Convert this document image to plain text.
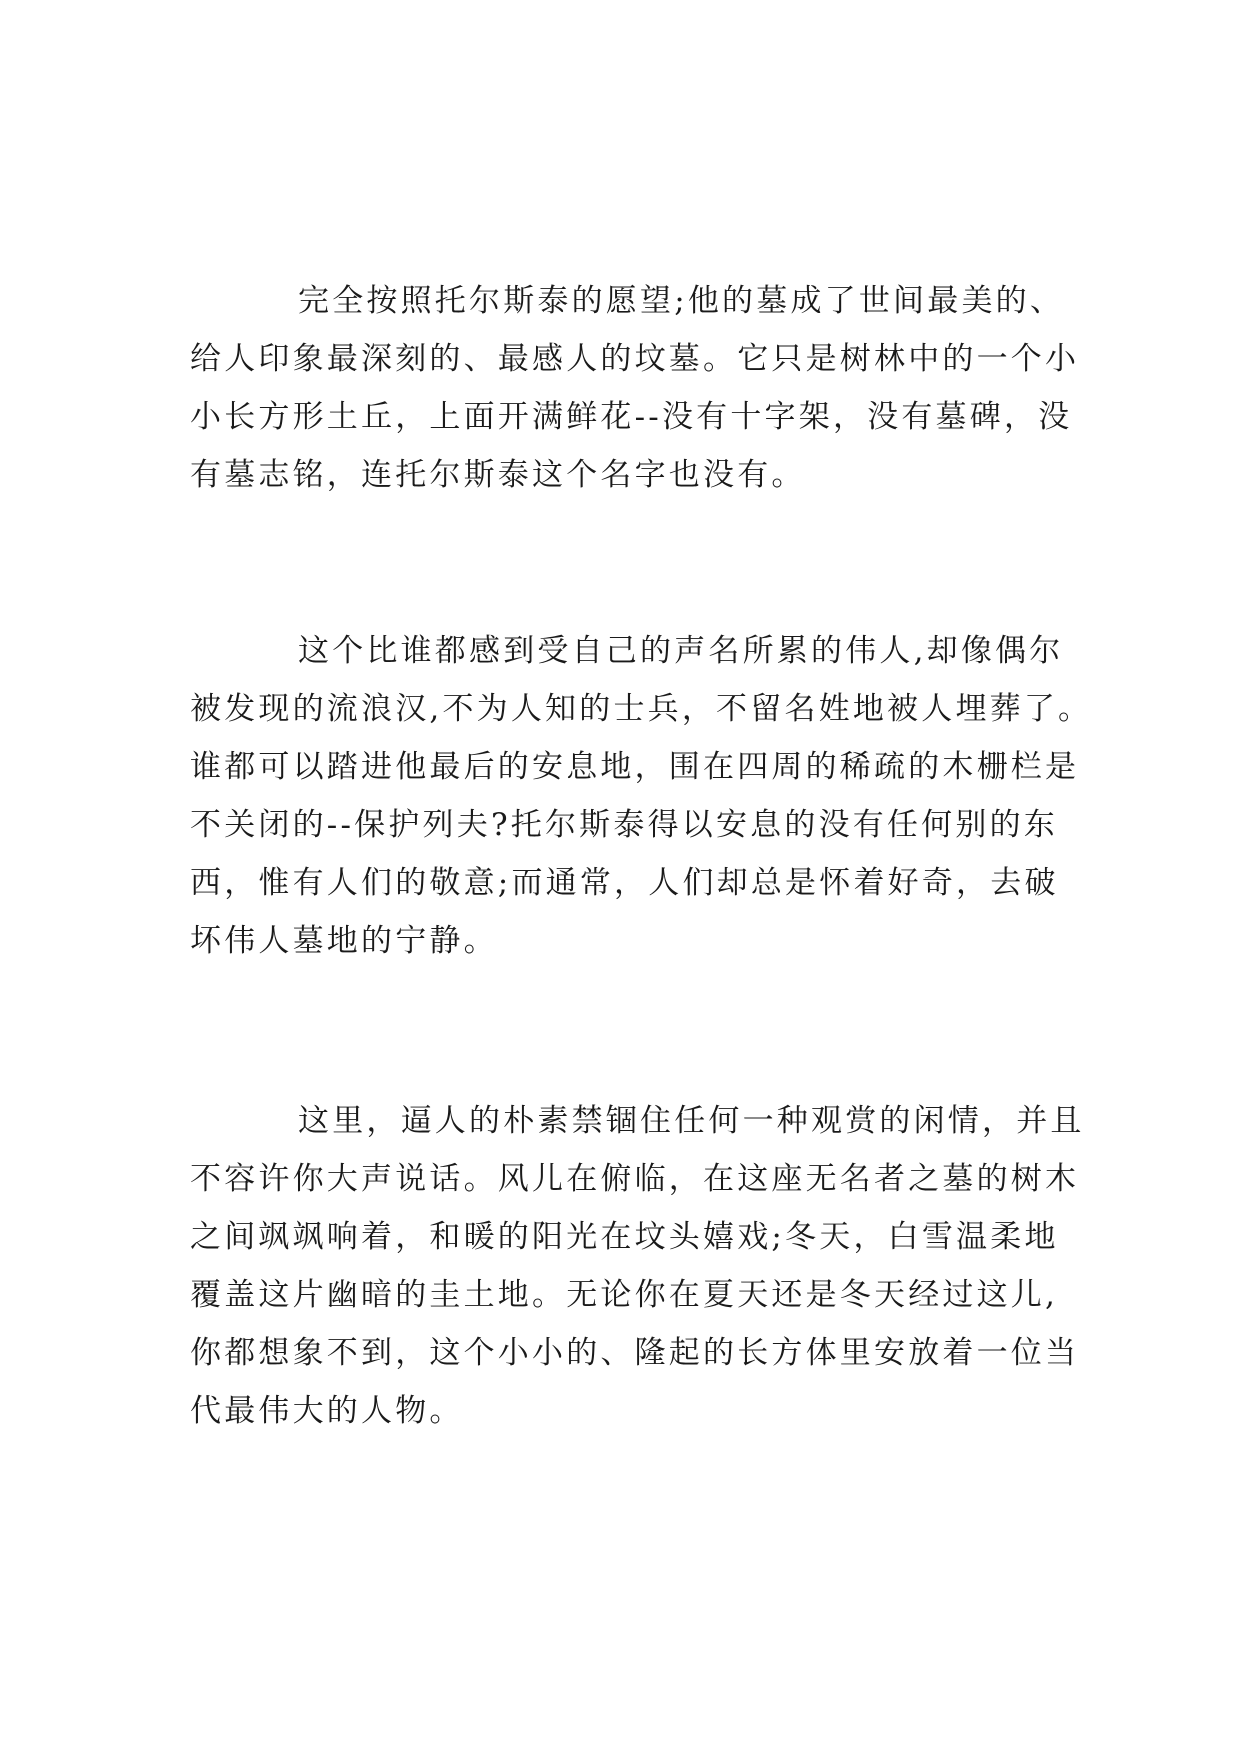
完全按照托尔斯泰的愿望;他的墓成了世间最美的、
给人印象最深刻的、最感人的坟墓。它只是树林中的一个小
小长方形土丘，上面开满鲜花--没有十字架，没有墓碑，没
有墓志铭，连托尔斯泰这个名字也没有。
这个比谁都感到受自己的声名所累的伟人,却像偶尔
被发现的流浪汉,不为人知的士兵，不留名姓地被人埋葬了。
谁都可以踏进他最后的安息地，围在四周的稀疏的木栅栏是
不关闭的--保护列夫?托尔斯泰得以安息的没有任何别的东
西，惟有人们的敬意;而通常，人们却总是怀着好奇，去破
坏伟人墓地的宁静。
这里，逼人的朴素禁锢住任何一种观赏的闲情，并且
不容许你大声说话。风儿在俯临，在这座无名者之墓的树木
之间飒飒响着，和暖的阳光在坟头嬉戏;冬天，白雪温柔地
覆盖这片幽暗的圭土地。无论你在夏天还是冬天经过这儿,
你都想象不到，这个小小的、隆起的长方体里安放着一位当
代最伟大的人物。
